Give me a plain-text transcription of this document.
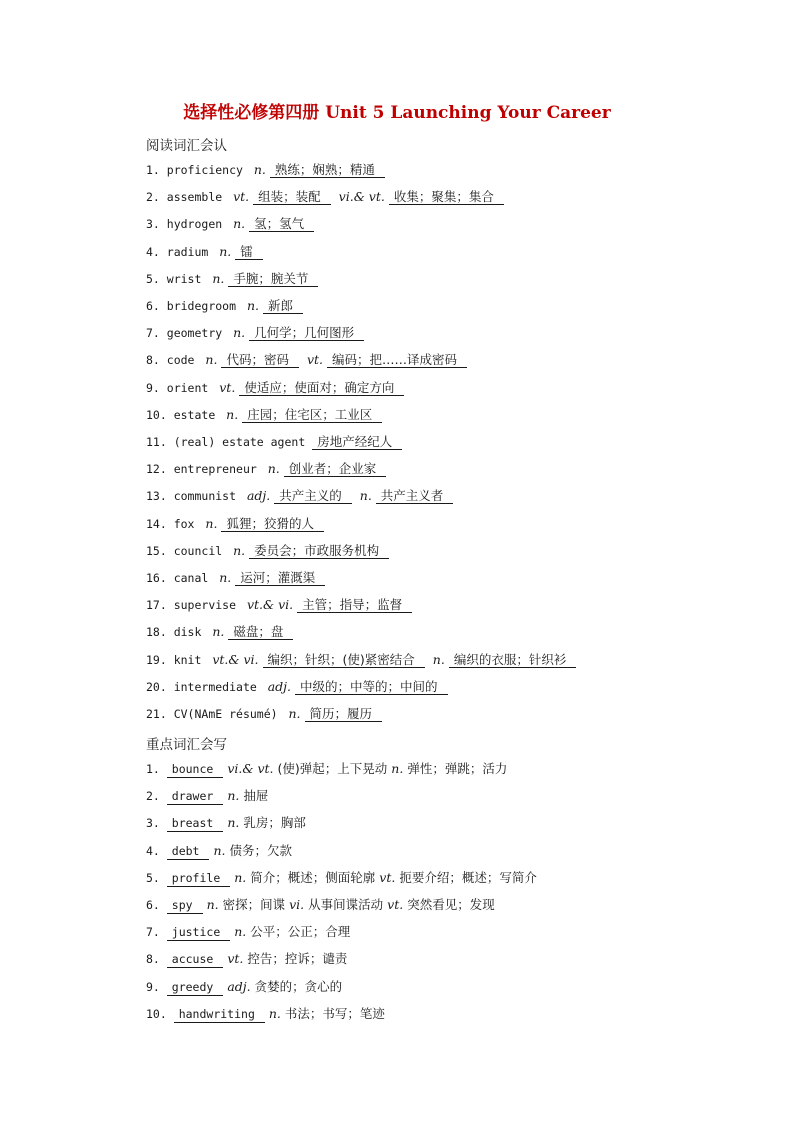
选择性必修第四册 Unit 5 Launching Your Career
阅读词汇会认
1. proficiency n. 熟练；娴熟；精通
2. assemble vt. 组装；装配 vi.& vt. 收集；聚集；集合
3. hydrogen n. 氢；氢气
4. radium n. 镭
5. wrist n. 手腕；腕关节
6. bridegroom n. 新郎
7. geometry n. 几何学；几何图形
8. code n. 代码；密码 vt. 编码；把……译成密码
9. orient vt. 使适应；使面对；确定方向
10. estate n. 庄园；住宅区；工业区
11. (real) estate agent 房地产经纪人
12. entrepreneur n. 创业者；企业家
13. communist adj. 共产主义的 n. 共产主义者
14. fox n. 狐狸；狡猾的人
15. council n. 委员会；市政服务机构
16. canal n. 运河；灌溉渠
17. supervise vt.& vi. 主管；指导；监督
18. disk n. 磁盘；盘
19. knit vt.& vi. 编织；针织；(使)紧密结合 n. 编织的衣服；针织衫
20. intermediate adj. 中级的；中等的；中间的
21. CV(NAmE résumé) n. 简历；履历
重点词汇会写
1. bounce vi.& vt. (使)弹起；上下晃动 n. 弹性；弹跳；活力
2. drawer n. 抽屉
3. breast n. 乳房；胸部
4. debt n. 债务；欠款
5. profile n. 简介；概述；侧面轮廓 vt. 扼要介绍；概述；写简介
6. spy n. 密探；间谍 vi. 从事间谍活动 vt. 突然看见；发现
7. justice n. 公平；公正；合理
8. accuse vt. 控告；控诉；谴责
9. greedy adj. 贪婪的；贪心的
10. handwriting n. 书法；书写；笔迹
